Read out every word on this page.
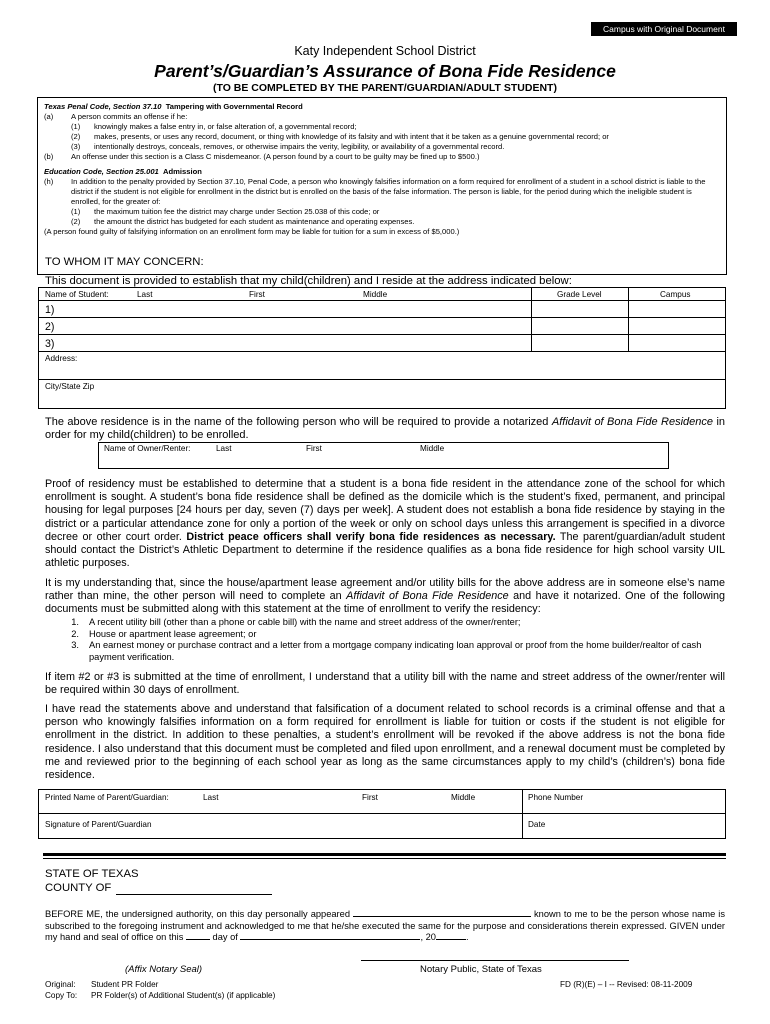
Campus with Original Document
Katy Independent School District
Parent’s/Guardian’s Assurance of Bona Fide Residence
(TO BE COMPLETED BY THE PARENT/GUARDIAN/ADULT STUDENT)
Texas Penal Code, Section 37.10 Tampering with Governmental Record
(a)	A person commits an offense if he:
(1)	knowingly makes a false entry in, or false alteration of, a governmental record;
(2)	makes, presents, or uses any record, document, or thing with knowledge of its falsity and with intent that it be taken as a genuine governmental record; or
(3)	intentionally destroys, conceals, removes, or otherwise impairs the verity, legibility, or availability of a governmental record.
(b)	An offense under this section is a Class C misdemeanor. (A person found by a court to be guilty may be fined up to $500.)
Education Code, Section 25.001 Admission
(h)	In addition to the penalty provided by Section 37.10, Penal Code, a person who knowingly falsifies information on a form required for enrollment of a student in a school district is liable to the district if the student is not eligible for enrollment in the district but is enrolled on the basis of the false information. The person is liable, for the period during which the ineligible student is enrolled, for the greater of:
(1)	the maximum tuition fee the district may charge under Section 25.038 of this code; or
(2)	the amount the district has budgeted for each student as maintenance and operating expenses.
(A person found guilty of falsifying information on an enrollment form may be liable for tuition for a sum in excess of $5,000.)
TO WHOM IT MAY CONCERN:
This document is provided to establish that my child(children) and I reside at the address indicated below:
Name of Student:	Last	First	Middle	Grade Level	Campus
1)
2)
3)
Address:
City/State Zip
The above residence is in the name of the following person who will be required to provide a notarized Affidavit of Bona Fide Residence in order for my child(children) to be enrolled.
Name of Owner/Renter:	Last	First	Middle
Proof of residency must be established to determine that a student is a bona fide resident in the attendance zone of the school for which enrollment is sought. A student’s bona fide residence shall be defined as the domicile which is the student’s fixed, permanent, and principal housing for legal purposes [24 hours per day, seven (7) days per week]. A student does not establish a bona fide residence by staying in the district or a particular attendance zone for only a portion of the week or only on school days unless this arrangement is specified in a divorce decree or other court order. District peace officers shall verify bona fide residences as necessary. The parent/guardian/adult student should contact the District’s Athletic Department to determine if the residence qualifies as a bona fide residence for high school varsity UIL athletic purposes.
It is my understanding that, since the house/apartment lease agreement and/or utility bills for the above address are in someone else’s name rather than mine, the other person will need to complete an Affidavit of Bona Fide Residence and have it notarized. One of the following documents must be submitted along with this statement at the time of enrollment to verify the residency:
1.	A recent utility bill (other than a phone or cable bill) with the name and street address of the owner/renter;
2.	House or apartment lease agreement; or
3.	An earnest money or purchase contract and a letter from a mortgage company indicating loan approval or proof from the home builder/realtor of cash payment verification.
If item #2 or #3 is submitted at the time of enrollment, I understand that a utility bill with the name and street address of the owner/renter will be required within 30 days of enrollment.
I have read the statements above and understand that falsification of a document related to school records is a criminal offense and that a person who knowingly falsifies information on a form required for enrollment is liable for tuition or costs if the student is not eligible for enrollment in the district. In addition to these penalties, a student’s enrollment will be revoked if the above address is not the bona fide residence. I also understand that this document must be completed and filed upon enrollment, and a renewal document must be completed by me and reviewed prior to the beginning of each school year as long as the same circumstances apply to my child’s (children’s) bona fide residence.
Printed Name of Parent/Guardian:	Last	First	Middle	Phone Number
Signature of Parent/Guardian	Date
STATE OF TEXAS
COUNTY OF
BEFORE ME, the undersigned authority, on this day personally appeared	known to me to be the person whose name is subscribed to the foregoing instrument and acknowledged to me that he/she executed the same for the purpose and considerations therein expressed. GIVEN under my hand and seal of office on this	day of	, 20	.
(Affix Notary Seal)	Notary Public, State of Texas
Original: Student PR Folder
Copy To: PR Folder(s) of Additional Student(s) (if applicable)
FD (R)(E) – I -- Revised: 08-11-2009
